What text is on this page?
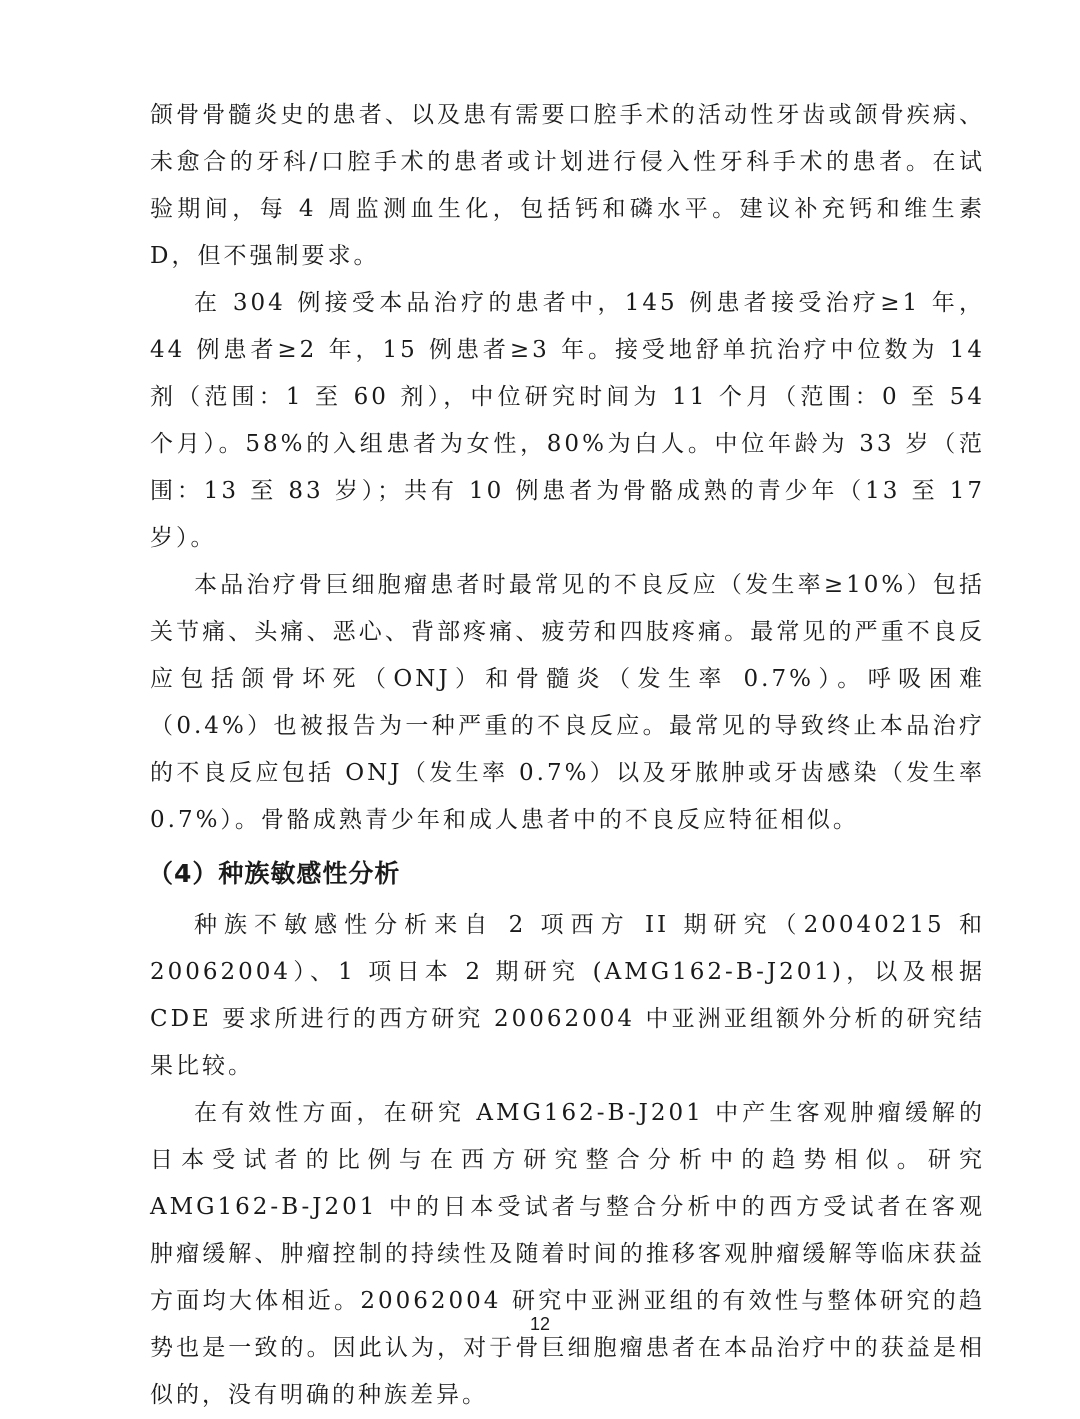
颌骨骨髓炎史的患者、以及患有需要口腔手术的活动性牙齿或颌骨疾病、未愈合的牙科/口腔手术的患者或计划进行侵入性牙科手术的患者。在试验期间，每 4 周监测血生化，包括钙和磷水平。建议补充钙和维生素 D，但不强制要求。

在 304 例接受本品治疗的患者中，145 例患者接受治疗≥1 年，44 例患者≥2 年，15 例患者≥3 年。接受地舒单抗治疗中位数为 14 剂（范围：1 至 60 剂），中位研究时间为 11 个月（范围：0 至 54 个月）。58%的入组患者为女性，80%为白人。中位年龄为 33 岁（范围：13 至 83 岁）；共有 10 例患者为骨骼成熟的青少年（13 至 17 岁）。

本品治疗骨巨细胞瘤患者时最常见的不良反应（发生率≥10%）包括关节痛、头痛、恶心、背部疼痛、疲劳和四肢疼痛。最常见的严重不良反应包括颌骨坏死（ONJ）和骨髓炎（发生率 0.7%）。呼吸困难（0.4%）也被报告为一种严重的不良反应。最常见的导致终止本品治疗的不良反应包括 ONJ（发生率 0.7%）以及牙脓肿或牙齿感染（发生率 0.7%）。骨骼成熟青少年和成人患者中的不良反应特征相似。

（4）种族敏感性分析

种族不敏感性分析来自 2 项西方 II 期研究（20040215 和 20062004）、1 项日本 2 期研究 (AMG162-B-J201)，以及根据 CDE 要求所进行的西方研究 20062004 中亚洲亚组额外分析的研究结果比较。

在有效性方面，在研究 AMG162-B-J201 中产生客观肿瘤缓解的日本受试者的比例与在西方研究整合分析中的趋势相似。研究 AMG162-B-J201 中的日本受试者与整合分析中的西方受试者在客观肿瘤缓解、肿瘤控制的持续性及随着时间的推移客观肿瘤缓解等临床获益方面均大体相近。20062004 研究中亚洲亚组的有效性与整体研究的趋势也是一致的。因此认为，对于骨巨细胞瘤患者在本品治疗中的获益是相似的，没有明确的种族差异。

12
